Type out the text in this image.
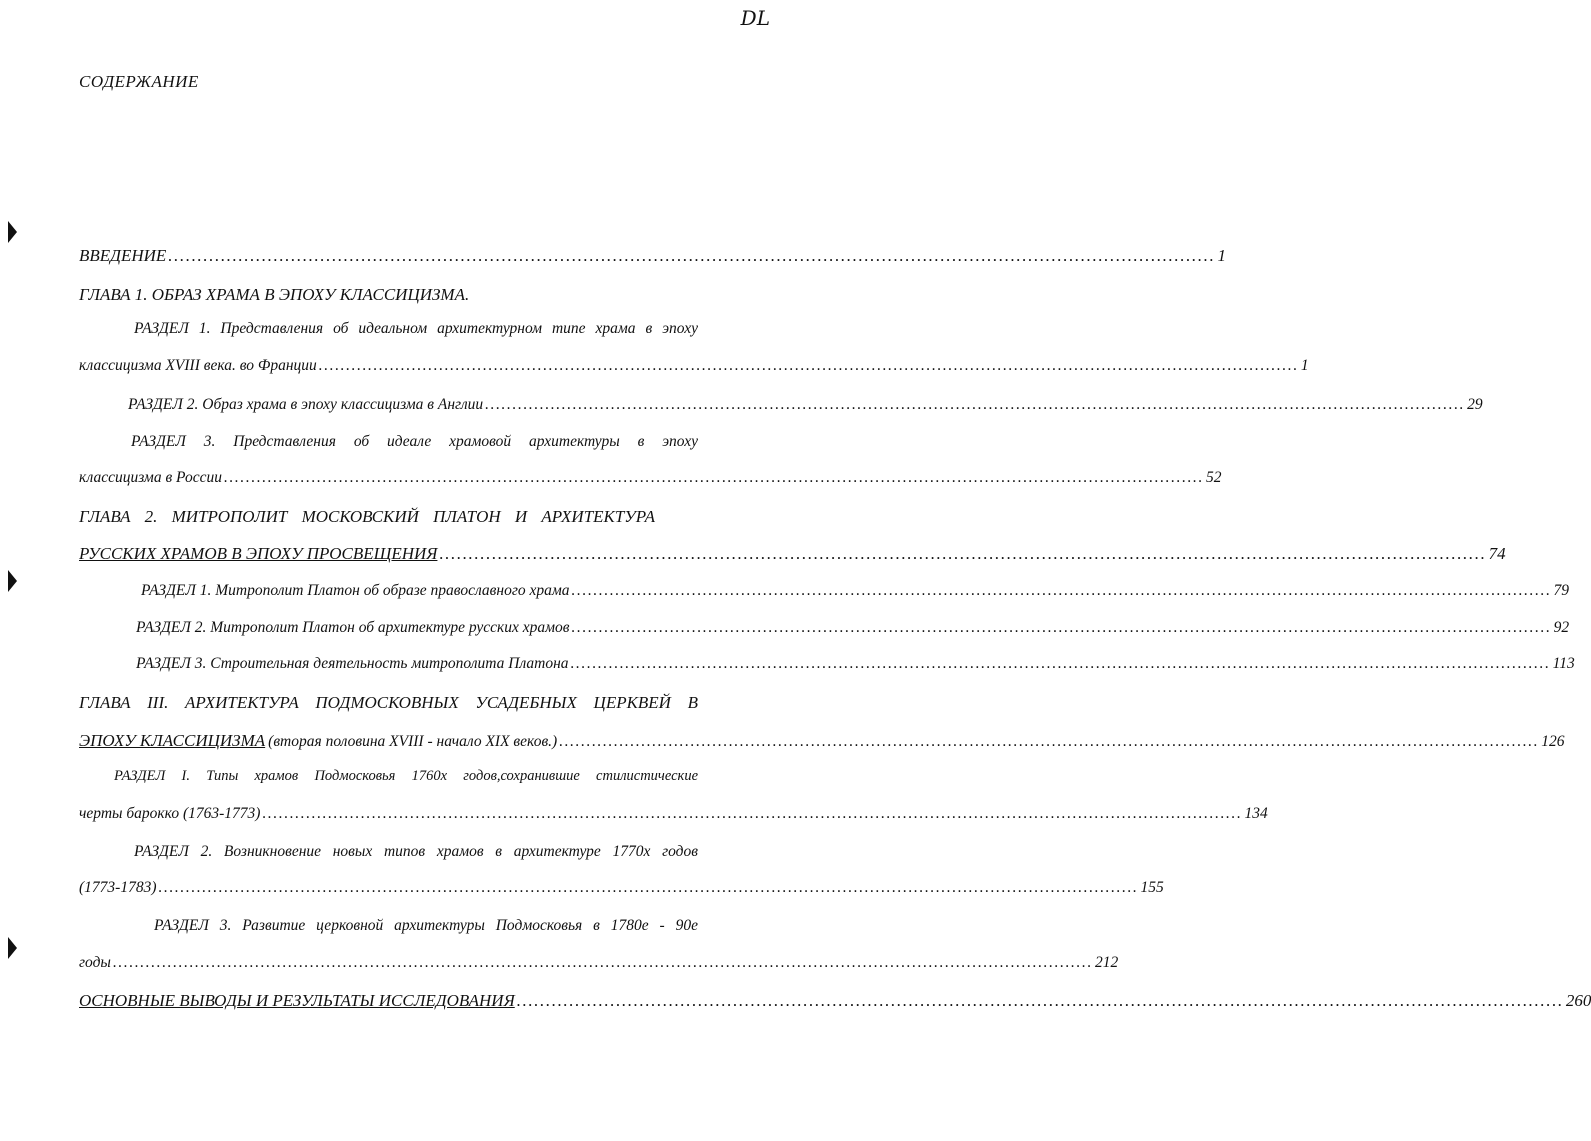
DL
СОДЕРЖАНИЕ
ВВЕДЕНИЕ ................................................................................................................................................................................... 1
ГЛАВА 1. ОБРАЗ ХРАМА В ЭПОХУ КЛАССИЦИЗМА.
РАЗДЕЛ 1. Представления об идеальном архитектурном типе храма в эпоху
классицизма XVIII века. во Франции ................................................................................................................................................................................... 1
РАЗДЕЛ 2. Образ храма в эпоху классицизма в Англии ................................................................................................................................................................................... 29
РАЗДЕЛ 3. Представления об идеале храмовой архитектуры в эпоху
классицизма в России ................................................................................................................................................................................... 52
ГЛАВА 2. МИТРОПОЛИТ МОСКОВСКИЙ ПЛАТОН И АРХИТЕКТУРА
РУССКИХ ХРАМОВ В ЭПОХУ ПРОСВЕЩЕНИЯ ................................................................................................................................................................................... 74
РАЗДЕЛ 1. Митрополит Платон об образе православного храма ................................................................................................................................................................................... 79
РАЗДЕЛ 2. Митрополит Платон об архитектуре русских храмов ................................................................................................................................................................................... 92
РАЗДЕЛ 3. Строительная деятельность митрополита Платона ................................................................................................................................................................................... 113
ГЛАВА III. АРХИТЕКТУРА ПОДМОСКОВНЫХ УСАДЕБНЫХ ЦЕРКВЕЙ В
ЭПОХУ КЛАССИЦИЗМА (вторая половина XVIII - начало XIX веков.) ................................................................................................................................................................................... 126
РАЗДЕЛ I. Типы храмов Подмосковья 1760х годов,сохранившие стилистические
черты барокко (1763-1773) ................................................................................................................................................................................... 134
РАЗДЕЛ 2. Возникновение новых типов храмов в архитектуре 1770х годов
(1773-1783) ................................................................................................................................................................................... 155
РАЗДЕЛ 3. Развитие церковной архитектуры Подмосковья в 1780е - 90е
годы ................................................................................................................................................................................... 212
ОСНОВНЫЕ ВЫВОДЫ И РЕЗУЛЬТАТЫ ИССЛЕДОВАНИЯ ................................................................................................................................................................................... 260
